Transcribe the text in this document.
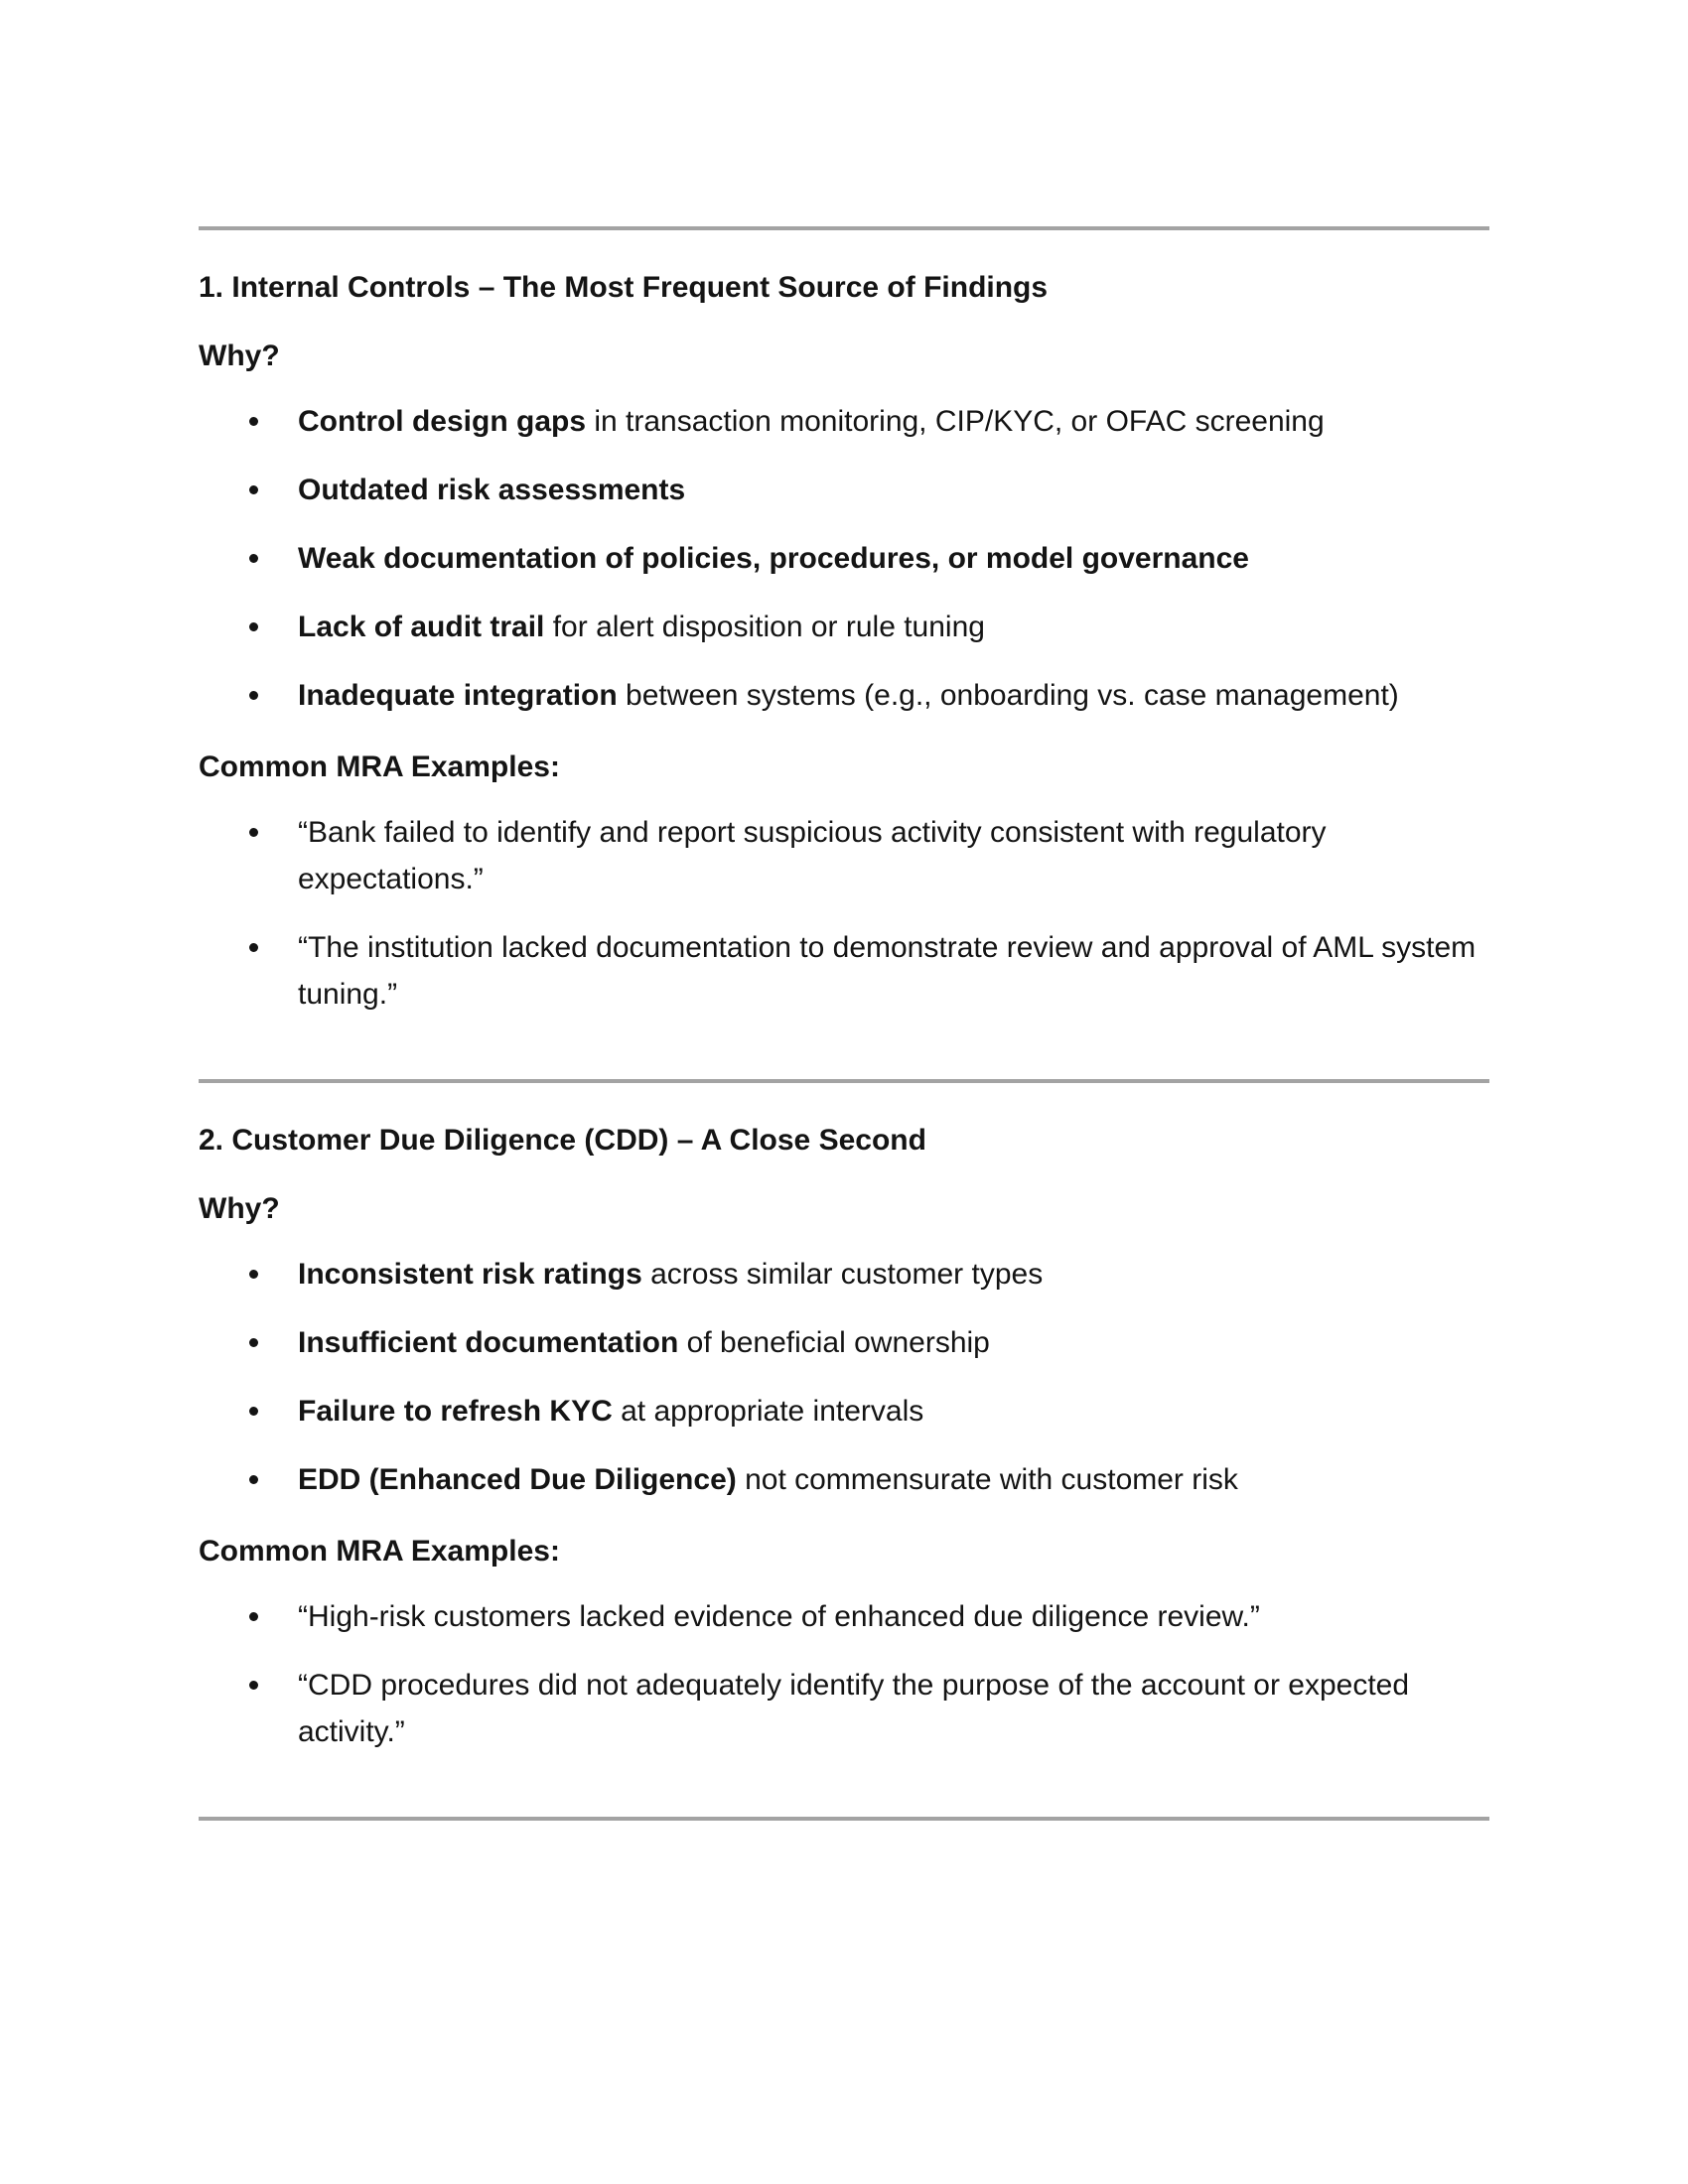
1. Internal Controls – The Most Frequent Source of Findings
Why?
Control design gaps in transaction monitoring, CIP/KYC, or OFAC screening
Outdated risk assessments
Weak documentation of policies, procedures, or model governance
Lack of audit trail for alert disposition or rule tuning
Inadequate integration between systems (e.g., onboarding vs. case management)
Common MRA Examples:
“Bank failed to identify and report suspicious activity consistent with regulatory expectations.”
“The institution lacked documentation to demonstrate review and approval of AML system tuning.”
2. Customer Due Diligence (CDD) – A Close Second
Why?
Inconsistent risk ratings across similar customer types
Insufficient documentation of beneficial ownership
Failure to refresh KYC at appropriate intervals
EDD (Enhanced Due Diligence) not commensurate with customer risk
Common MRA Examples:
“High-risk customers lacked evidence of enhanced due diligence review.”
“CDD procedures did not adequately identify the purpose of the account or expected activity.”
